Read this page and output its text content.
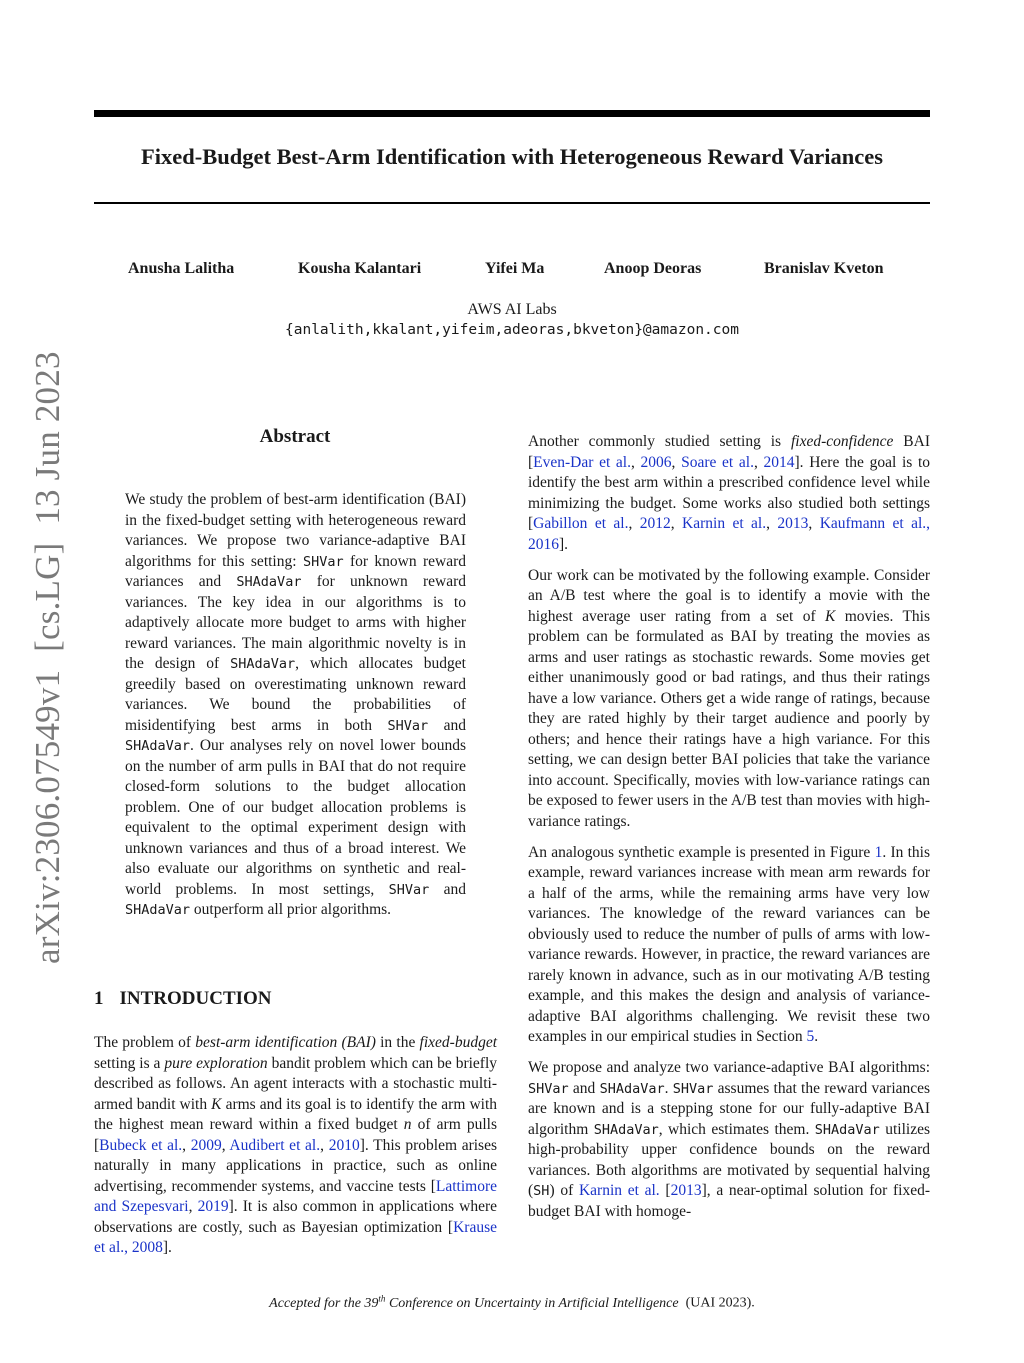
Fixed-Budget Best-Arm Identification with Heterogeneous Reward Variances
Anusha Lalitha	Kousha Kalantari	Yifei Ma	Anoop Deoras	Branislav Kveton
AWS AI Labs
{anlalith,kkalant,yifeim,adeoras,bkveton}@amazon.com
arXiv:2306.07549v1  [cs.LG]  13 Jun 2023	Abstract

We study the problem of best-arm identification (BAI) in the fixed-budget setting with heterogeneous reward variances. We propose two variance-adaptive BAI algorithms for this setting: SHVar for known reward variances and SHAdaVar for unknown reward variances. The key idea in our algorithms is to adaptively allocate more budget to arms with higher reward variances. The main algorithmic novelty is in the design of SHAdaVar, which allocates budget greedily based on overestimating unknown reward variances. We bound the probabilities of misidentifying best arms in both SHVar and SHAdaVar. Our analyses rely on novel lower bounds on the number of arm pulls in BAI that do not require closed-form solutions to the budget allocation problem. One of our budget allocation problems is equivalent to the optimal experiment design with unknown variances and thus of a broad interest. We also evaluate our algorithms on synthetic and real-world problems. In most settings, SHVar and SHAdaVar outperform all prior algorithms.

1 INTRODUCTION

The problem of best-arm identification (BAI) in the fixed-budget setting is a pure exploration bandit problem which can be briefly described as follows. An agent interacts with a stochastic multi-armed bandit with K arms and its goal is to identify the arm with the highest mean reward within a fixed budget n of arm pulls [Bubeck et al., 2009, Audibert et al., 2010]. This problem arises naturally in many applications in practice, such as online advertising, recommender systems, and vaccine tests [Lattimore and Szepesvari, 2019]. It is also common in applications where observations are costly, such as Bayesian optimization [Krause et al., 2008].

Another commonly studied setting is fixed-confidence BAI [Even-Dar et al., 2006, Soare et al., 2014]. Here the goal is to identify the best arm within a prescribed confidence level while minimizing the budget. Some works also studied both settings [Gabillon et al., 2012, Karnin et al., 2013, Kaufmann et al., 2016].

Our work can be motivated by the following example. Consider an A/B test where the goal is to identify a movie with the highest average user rating from a set of K movies. This problem can be formulated as BAI by treating the movies as arms and user ratings as stochastic rewards. Some movies get either unanimously good or bad ratings, and thus their ratings have a low variance. Others get a wide range of ratings, because they are rated highly by their target audience and poorly by others; and hence their ratings have a high variance. For this setting, we can design better BAI policies that take the variance into account. Specifically, movies with low-variance ratings can be exposed to fewer users in the A/B test than movies with high-variance ratings.

An analogous synthetic example is presented in Figure 1. In this example, reward variances increase with mean arm rewards for a half of the arms, while the remaining arms have very low variances. The knowledge of the reward variances can be obviously used to reduce the number of pulls of arms with low-variance rewards. However, in practice, the reward variances are rarely known in advance, such as in our motivating A/B testing example, and this makes the design and analysis of variance-adaptive BAI algorithms challenging. We revisit these two examples in our empirical studies in Section 5.

We propose and analyze two variance-adaptive BAI algorithms: SHVar and SHAdaVar. SHVar assumes that the reward variances are known and is a stepping stone for our fully-adaptive BAI algorithm SHAdaVar, which estimates them. SHAdaVar utilizes high-probability upper confidence bounds on the reward variances. Both algorithms are motivated by sequential halving (SH) of Karnin et al. [2013], a near-optimal solution for fixed-budget BAI with homoge-

Accepted for the 39th Conference on Uncertainty in Artificial Intelligence (UAI 2023).
